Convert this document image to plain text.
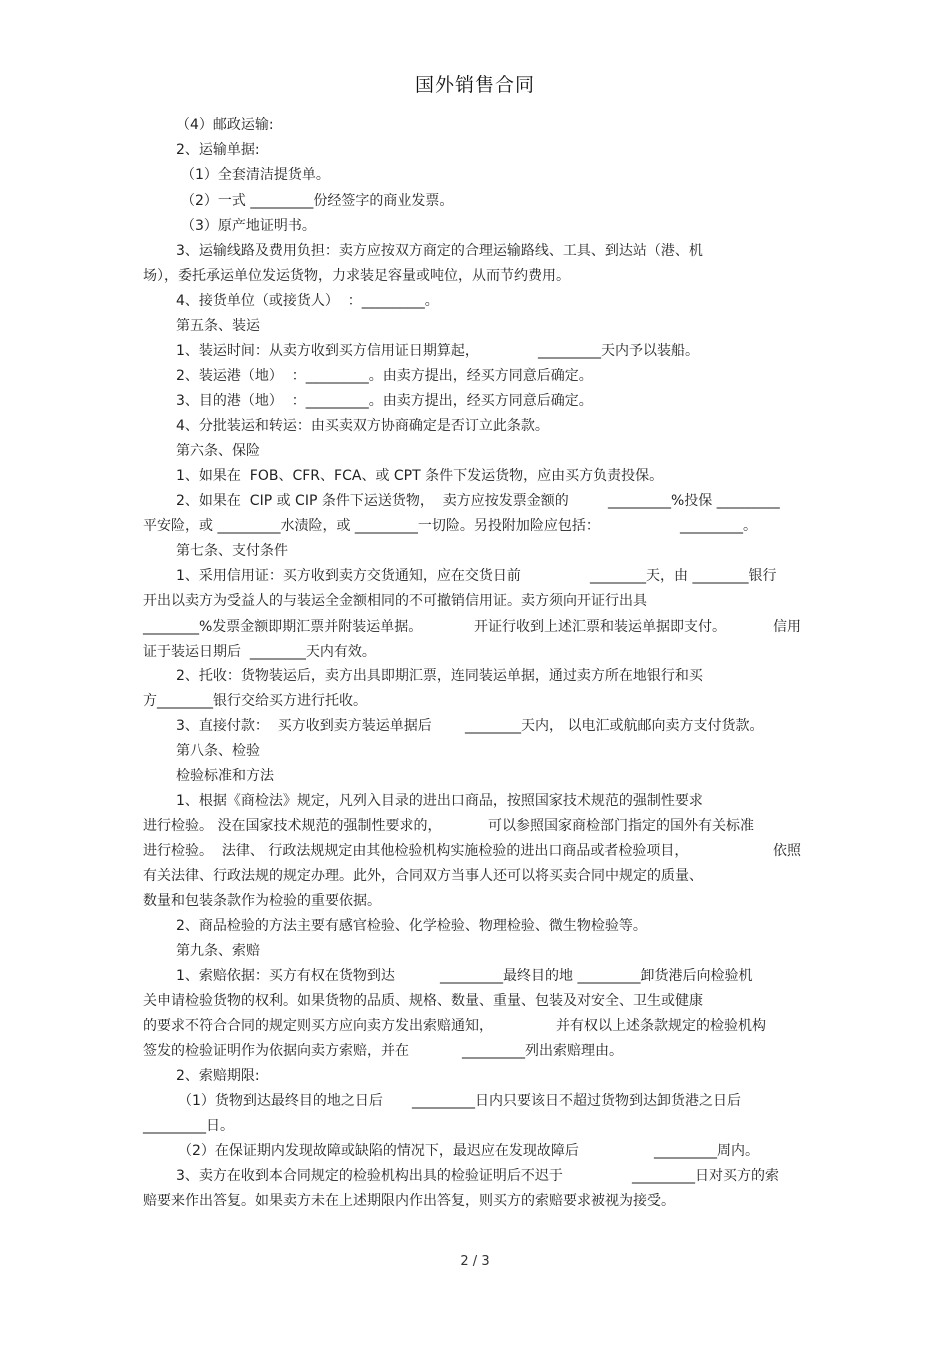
国外销售合同
（4）邮政运输:
2、运输单据:
（1）全套清洁提货单。
（2）一式 _________份经签字的商业发票。
（3）原产地证明书。
3、运输线路及费用负担：卖方应按双方商定的合理运输路线、工具、到达站（港、机
场），委托承运单位发运货物，力求装足容量或吨位，从而节约费用。
4、接货单位（或接货人）  ：_________。
第五条、装运
1、装运时间：从卖方收到买方信用证日期算起，	_________天内予以装船。
2、装运港（地）  ：_________。由卖方提出，经买方同意后确定。
3、目的港（地）  ：_________。由卖方提出，经买方同意后确定。
4、分批装运和转运：由买卖双方协商确定是否订立此条款。
第六条、保险
1、如果在  FOB、CFR、FCA、或 CPT 条件下发运货物，应由买方负责投保。
2、如果在  CIP 或 CIP 条件下运送货物，  卖方应按发票金额的	_________%投保 _________
平安险，或 _________水渍险，或 _________一切险。另投附加险应包括：	_________。
第七条、支付条件
1、采用信用证：买方收到卖方交货通知，应在交货日前	________天，由 ________银行
开出以卖方为受益人的与装运全金额相同的不可撤销信用证。卖方须向开证行出具
________%发票金额即期汇票并附装运单据。	开证行收到上述汇票和装运单据即支付。	信用
证于装运日期后  ________天内有效。
2、托收：货物装运后，卖方出具即期汇票，连同装运单据，通过卖方所在地银行和买
方________银行交给买方进行托收。
3、直接付款：  买方收到卖方装运单据后 ________天内， 以电汇或航邮向卖方支付货款。
第八条、检验
检验标准和方法
1、根据《商检法》规定，凡列入目录的进出口商品，按照国家技术规范的强制性要求
进行检验。 没在国家技术规范的强制性要求的，	可以参照国家商检部门指定的国外有关标准
进行检验。  法律、 行政法规规定由其他检验机构实施检验的进出口商品或者检验项目，	依照
有关法律、行政法规的规定办理。此外，合同双方当事人还可以将买卖合同中规定的质量、
数量和包装条款作为检验的重要依据。
2、商品检验的方法主要有感官检验、化学检验、物理检验、微生物检验等。
第九条、索赔
1、索赔依据：买方有权在货物到达	_________最终目的地 _________卸货港后向检验机
关申请检验货物的权利。如果货物的品质、规格、数量、重量、包装及对安全、卫生或健康
的要求不符合合同的规定则买方应向卖方发出索赔通知，	并有权以上述条款规定的检验机构
签发的检验证明作为依据向卖方索赔，并在	_________列出索赔理由。
2、索赔期限:
（1）货物到达最终目的地之日后 _________日内只要该日不超过货物到达卸货港之日后
_________日。
（2）在保证期内发现故障或缺陷的情况下，最迟应在发现故障后	_________周内。
3、卖方在收到本合同规定的检验机构出具的检验证明后不迟于	_________日对买方的索
赔要来作出答复。如果卖方未在上述期限内作出答复，则买方的索赔要求被视为接受。
2 / 3
